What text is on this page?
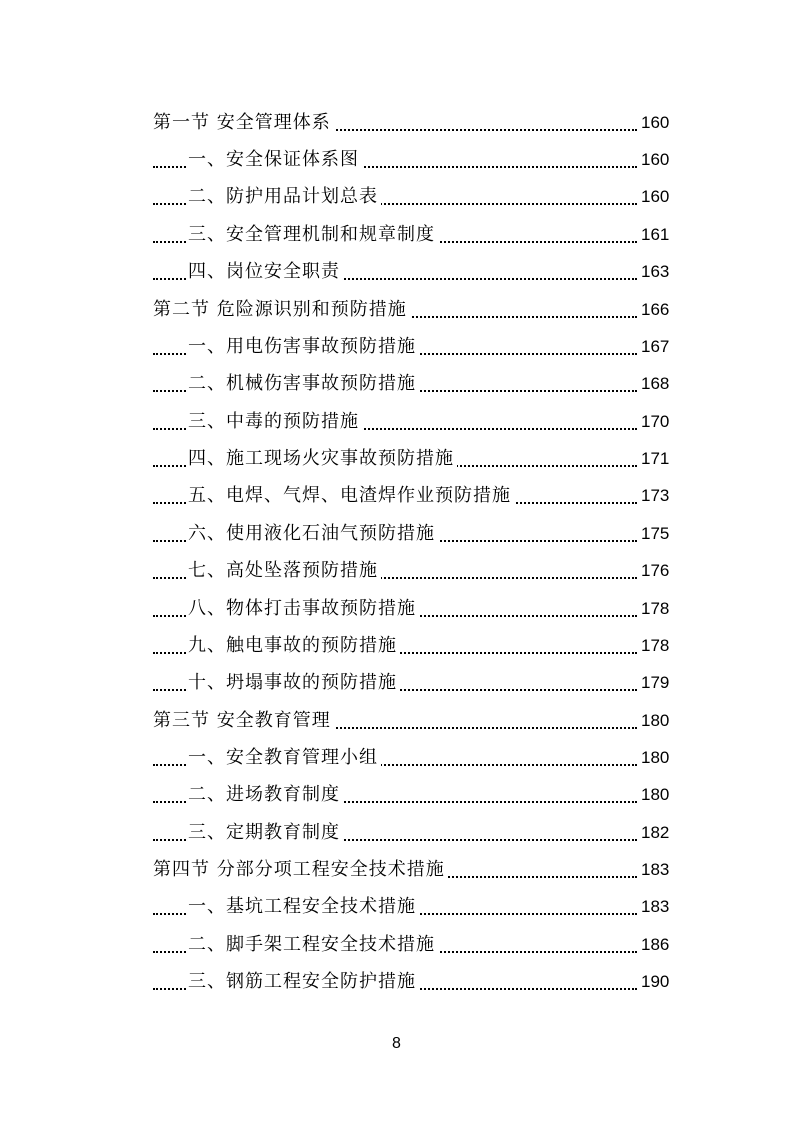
第一节 安全管理体系	160
一、安全保证体系图	160
二、防护用品计划总表	160
三、安全管理机制和规章制度	161
四、岗位安全职责	163
第二节 危险源识别和预防措施	166
一、用电伤害事故预防措施	167
二、机械伤害事故预防措施	168
三、中毒的预防措施	170
四、施工现场火灾事故预防措施	171
五、电焊、气焊、电渣焊作业预防措施	173
六、使用液化石油气预防措施	175
七、高处坠落预防措施	176
八、物体打击事故预防措施	178
九、触电事故的预防措施	178
十、坍塌事故的预防措施	179
第三节 安全教育管理	180
一、安全教育管理小组	180
二、进场教育制度	180
三、定期教育制度	182
第四节 分部分项工程安全技术措施	183
一、基坑工程安全技术措施	183
二、脚手架工程安全技术措施	186
三、钢筋工程安全防护措施	190
8
